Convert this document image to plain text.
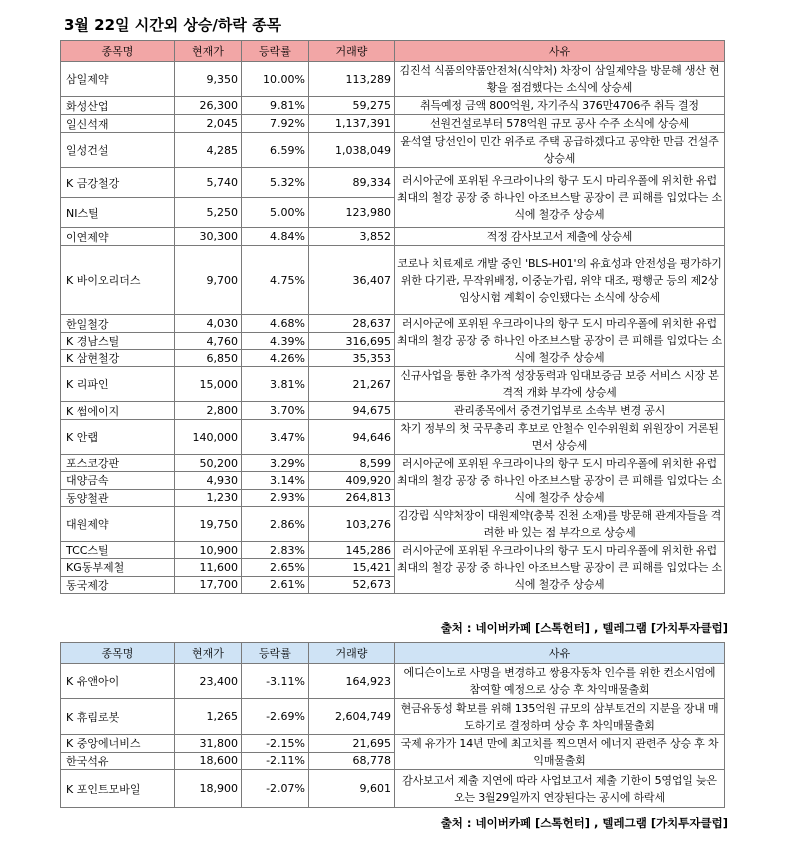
3월 22일 시간외 상승/하락 종목
종목명	현재가	등락률	거래량	사유
삼일제약	9,350	10.00%	113,289	김진석 식품의약품안전처(식약처) 차장이 삼일제약을 방문해 생산 현황을 점검했다는 소식에 상승세
화성산업	26,300	9.81%	59,275	취득예정 금액 800억원, 자기주식 376만4706주 취득 결정
일신석재	2,045	7.92%	1,137,391	선원건설로부터 578억원 규모 공사 수주 소식에 상승세
일성건설	4,285	6.59%	1,038,049	윤석열 당선인이 민간 위주로 주택 공급하겠다고 공약한 만큼 건설주 상승세
K 금강철강	5,740	5.32%	89,334	러시아군에 포위된 우크라이나의 항구 도시 마리우폴에 위치한 유럽 최대의 철강 공장 중 하나인 아조브스탈 공장이 큰 피해를 입었다는 소식에 철강주 상승세
NI스틸	5,250	5.00%	123,980	
이연제약	30,300	4.84%	3,852	적정 감사보고서 제출에 상승세
K 바이오리더스	9,700	4.75%	36,407	코로나 치료제로 개발 중인 'BLS-H01'의 유효성과 안전성을 평가하기 위한 다기관, 무작위배정, 이중눈가림, 위약 대조, 평행군 등의 제2상 임상시험 계획이 승인됐다는 소식에 상승세
한일철강	4,030	4.68%	28,637	러시아군에 포위된 우크라이나의 항구 도시 마리우폴에 위치한 유럽 최대의 철강 공장 중 하나인 아조브스탈 공장이 큰 피해를 입었다는 소식에 철강주 상승세
K 경남스틸	4,760	4.39%	316,695	
K 삼현철강	6,850	4.26%	35,353	
K 리파인	15,000	3.81%	21,267	신규사업을 통한 추가적 성장동력과 임대보증금 보증 서비스 시장 본격적 개화 부각에 상승세
K 썸에이지	2,800	3.70%	94,675	관리종목에서 중견기업부로 소속부 변경 공시
K 안랩	140,000	3.47%	94,646	차기 정부의 첫 국무총리 후보로 안철수 인수위원회 위원장이 거론된면서 상승세
포스코강판	50,200	3.29%	8,599	러시아군에 포위된 우크라이나의 항구 도시 마리우폴에 위치한 유럽 최대의 철강 공장 중 하나인 아조브스탈 공장이 큰 피해를 입었다는 소식에 철강주 상승세
대양금속	4,930	3.14%	409,920	
동양철관	1,230	2.93%	264,813	
대원제약	19,750	2.86%	103,276	김강립 식약처장이 대원제약(충북 진천 소재)를 방문해 관계자들을 격려한 바 있는 점 부각으로 상승세
TCC스틸	10,900	2.83%	145,286	러시아군에 포위된 우크라이나의 항구 도시 마리우폴에 위치한 유럽 최대의 철강 공장 중 하나인 아조브스탈 공장이 큰 피해를 입었다는 소식에 철강주 상승세
KG동부제철	11,600	2.65%	15,421	
동국제강	17,700	2.61%	52,673	
출처 : 네이버카페 [스톡헌터] , 텔레그램 [가치투자클럽]
종목명	현재가	등락률	거래량	사유
K 유앤아이	23,400	-3.11%	164,923	에디슨이노로 사명을 변경하고 쌍용자동차 인수를 위한 컨소시엄에 참여할 예정으로 상승 후 차익매물출회
K 휴림로봇	1,265	-2.69%	2,604,749	현금유동성 확보를 위해 135억원 규모의 삼부토건의 지분을 장내 매도하기로 결정하며 상승 후 차익매물출회
K 중앙에너비스	31,800	-2.15%	21,695	국제 유가가 14년 만에 최고치를 찍으면서 에너지 관련주 상승 후 차익매물출회
한국석유	18,600	-2.11%	68,778	
K 포인트모바일	18,900	-2.07%	9,601	감사보고서 제출 지연에 따라 사업보고서 제출 기한이 5영업일 늦은 오는 3월29일까지 연장된다는 공시에 하락세
출처 : 네이버카페 [스톡헌터] , 텔레그램 [가치투자클럽]
